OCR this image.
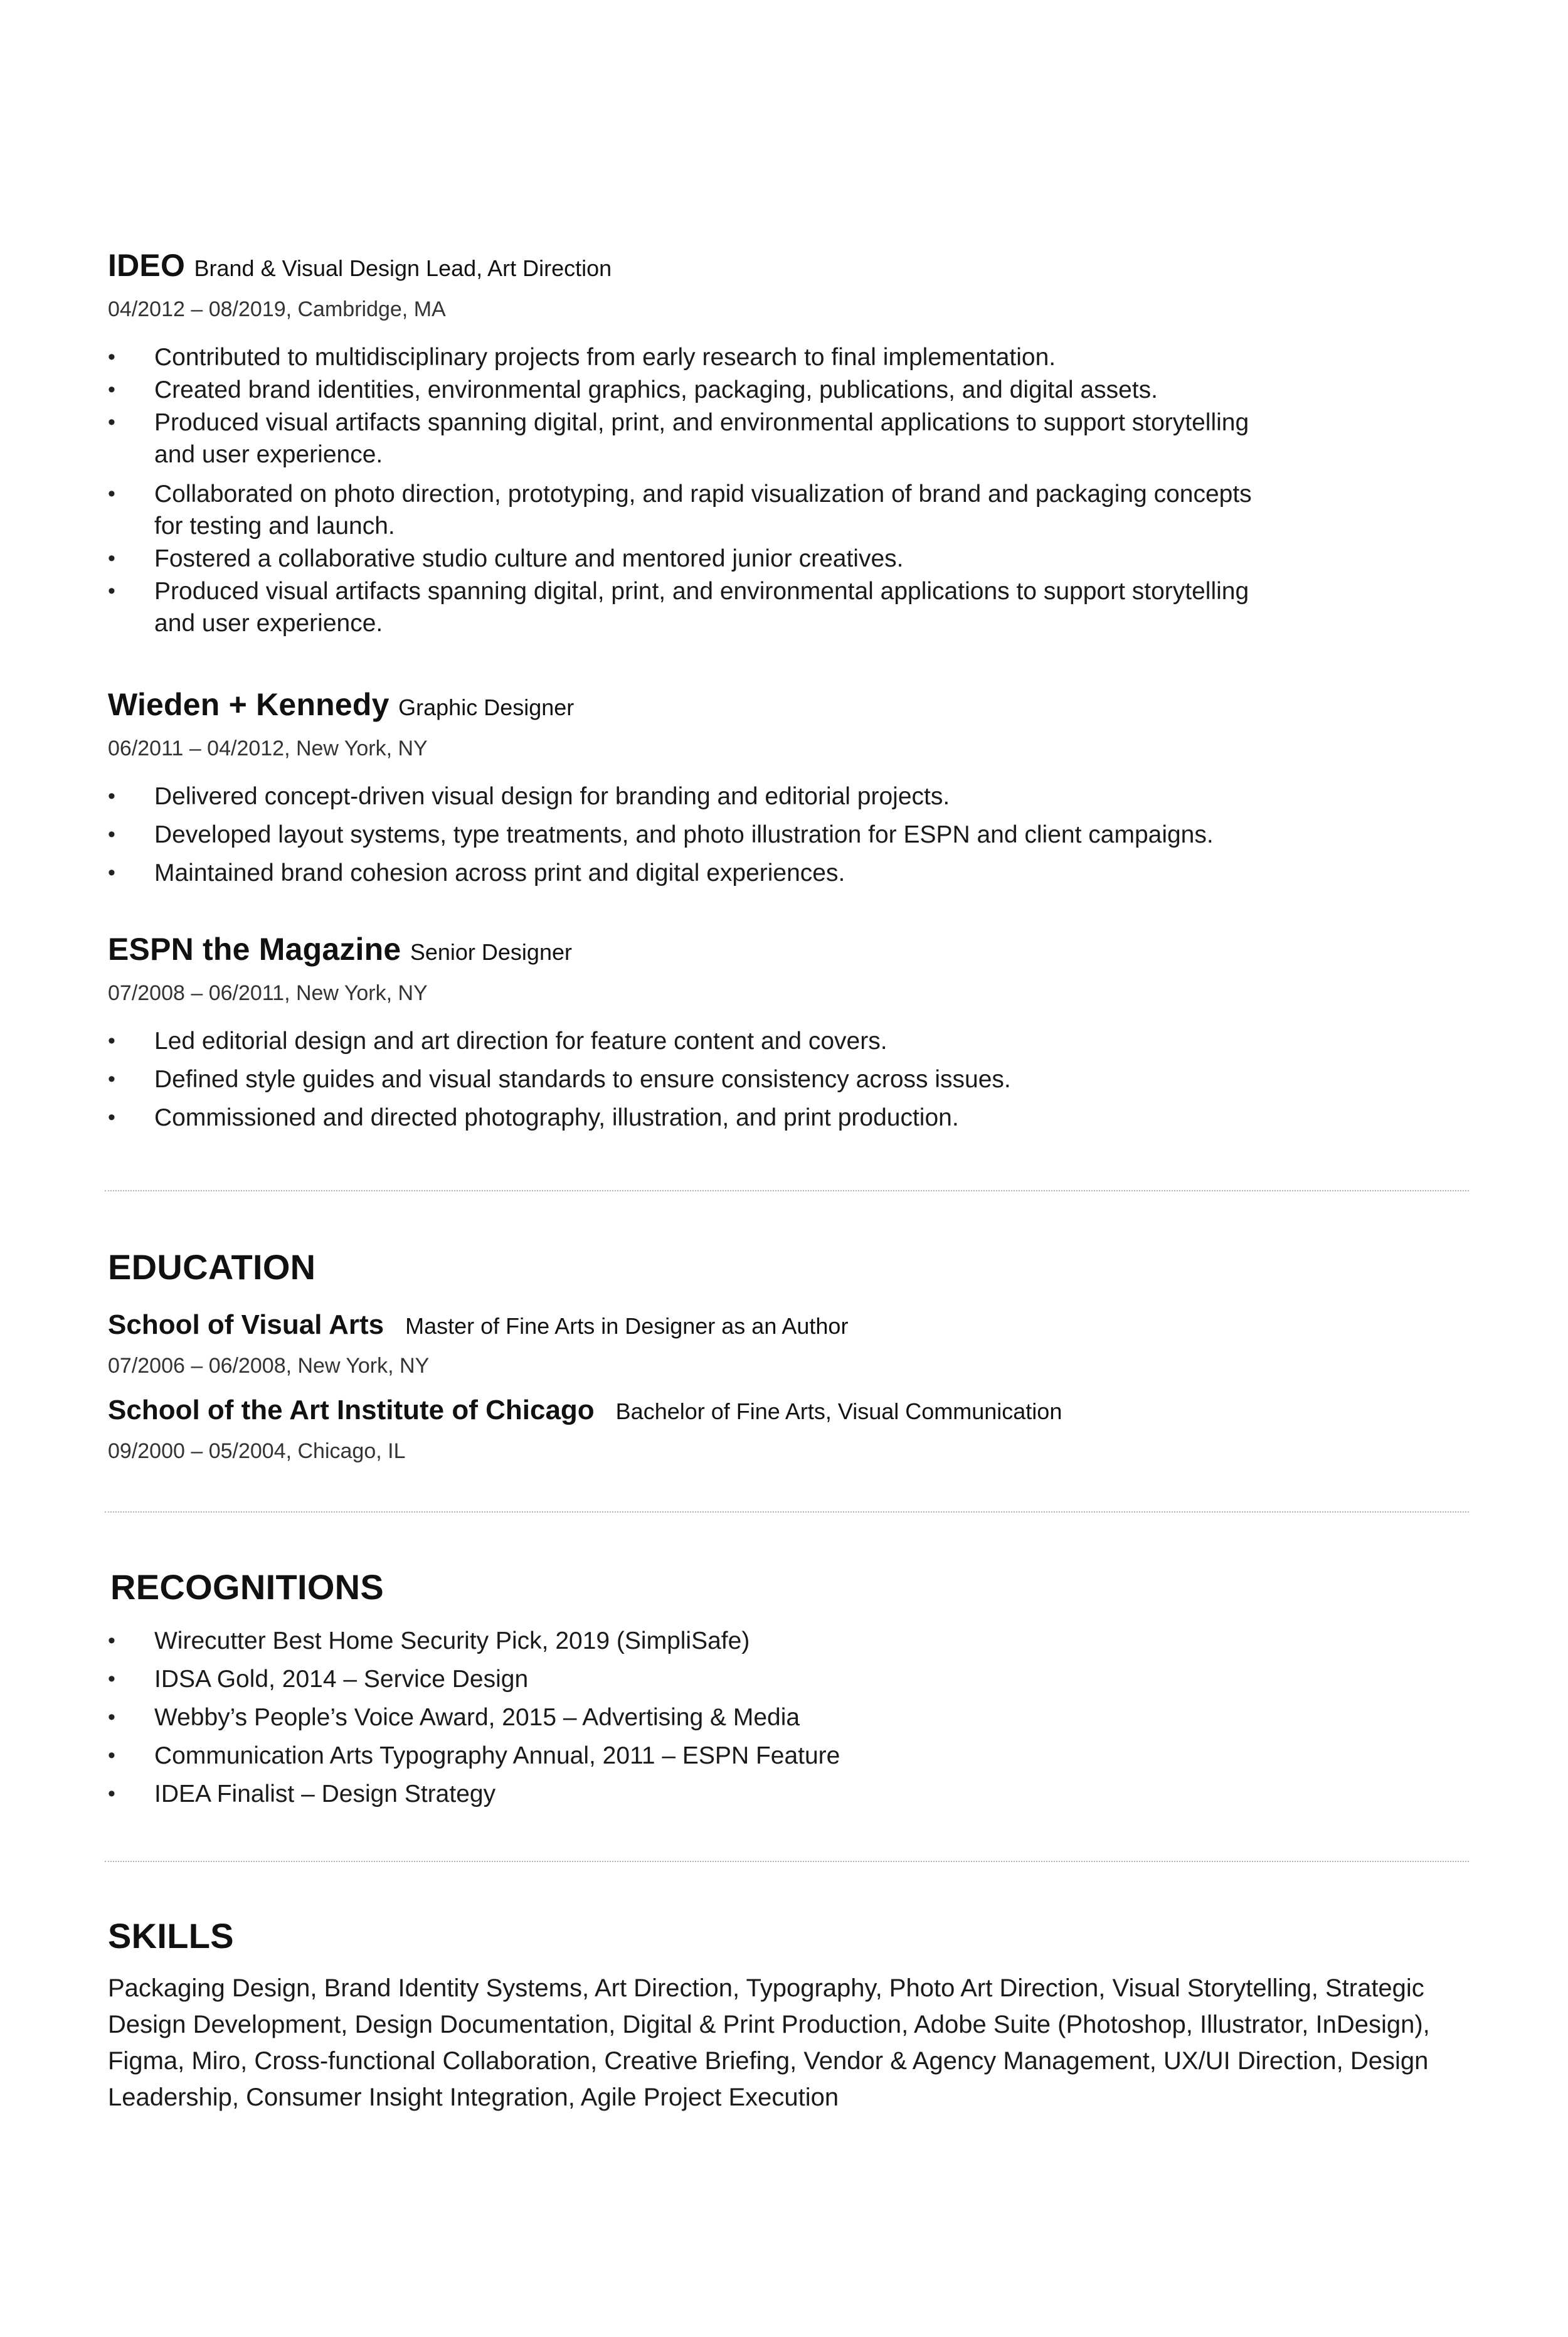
IDEO Brand & Visual Design Lead, Art Direction
04/2012 – 08/2019, Cambridge, MA
• Contributed to multidisciplinary projects from early research to final implementation.
• Created brand identities, environmental graphics, packaging, publications, and digital assets.
• Produced visual artifacts spanning digital, print, and environmental applications to support storytelling and user experience.
• Collaborated on photo direction, prototyping, and rapid visualization of brand and packaging concepts for testing and launch.
• Fostered a collaborative studio culture and mentored junior creatives.
• Produced visual artifacts spanning digital, print, and environmental applications to support storytelling and user experience.
Wieden + Kennedy Graphic Designer
06/2011 – 04/2012, New York, NY
• Delivered concept-driven visual design for branding and editorial projects.
• Developed layout systems, type treatments, and photo illustration for ESPN and client campaigns.
• Maintained brand cohesion across print and digital experiences.
ESPN the Magazine Senior Designer
07/2008 – 06/2011, New York, NY
• Led editorial design and art direction for feature content and covers.
• Defined style guides and visual standards to ensure consistency across issues.
• Commissioned and directed photography, illustration, and print production.
EDUCATION
School of Visual Arts Master of Fine Arts in Designer as an Author
07/2006 – 06/2008, New York, NY
School of the Art Institute of Chicago Bachelor of Fine Arts, Visual Communication
09/2000 – 05/2004, Chicago, IL
RECOGNITIONS
• Wirecutter Best Home Security Pick, 2019 (SimpliSafe)
• IDSA Gold, 2014 – Service Design
• Webby’s People’s Voice Award, 2015 – Advertising & Media
• Communication Arts Typography Annual, 2011 – ESPN Feature
• IDEA Finalist – Design Strategy
SKILLS

Packaging Design, Brand Identity Systems, Art Direction, Typography, Photo Art Direction, Visual Storytelling, Strategic Design Development, Design Documentation, Digital & Print Production, Adobe Suite (Photoshop, Illustrator, InDesign), Figma, Miro, Cross-functional Collaboration, Creative Briefing, Vendor & Agency Management, UX/UI Direction, Design Leadership, Consumer Insight Integration, Agile Project Execution
